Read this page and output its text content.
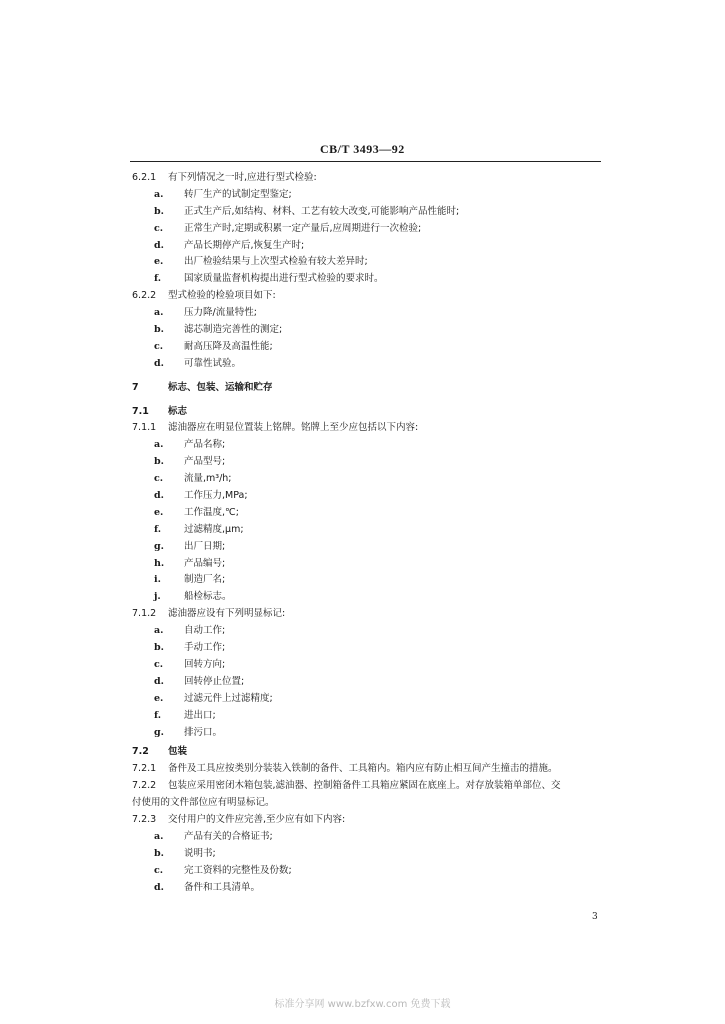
CB/T 3493—92
6.2.1 有下列情况之一时,应进行型式检验:
a. 转厂生产的试制定型鉴定;
b. 正式生产后,如结构、材料、工艺有较大改变,可能影响产品性能时;
c. 正常生产时,定期或积累一定产量后,应周期进行一次检验;
d. 产品长期停产后,恢复生产时;
e. 出厂检验结果与上次型式检验有较大差异时;
f. 国家质量监督机构提出进行型式检验的要求时。
6.2.2 型式检验的检验项目如下:
a. 压力降/流量特性;
b. 滤芯制造完善性的测定;
c. 耐高压降及高温性能;
d. 可靠性试验。
7	标志、包装、运输和贮存
7.1 标志
7.1.1 滤油器应在明显位置装上铭牌。铭牌上至少应包括以下内容:
a. 产品名称;
b. 产品型号;
c. 流量,m³/h;
d. 工作压力,MPa;
e. 工作温度,℃;
f. 过滤精度,μm;
g. 出厂日期;
h. 产品编号;
i. 制造厂名;
j. 船检标志。
7.1.2 滤油器应设有下列明显标记:
a. 自动工作;
b. 手动工作;
c. 回转方向;
d. 回转停止位置;
e. 过滤元件上过滤精度;
f. 进出口;
g. 排污口。
7.2 包装
7.2.1 备件及工具应按类别分装装入铁制的备件、工具箱内。箱内应有防止相互间产生撞击的措施。
7.2.2 包装应采用密闭木箱包装,滤油器、控制箱备件工具箱应紧固在底座上。对存放装箱单部位、交
付使用的文件部位应有明显标记。
7.2.3 交付用户的文件应完善,至少应有如下内容:
a. 产品有关的合格证书;
b. 说明书;
c. 完工资料的完整性及份数;
d. 备件和工具清单。
3
标准分享网 www.bzfxw.com 免费下载
